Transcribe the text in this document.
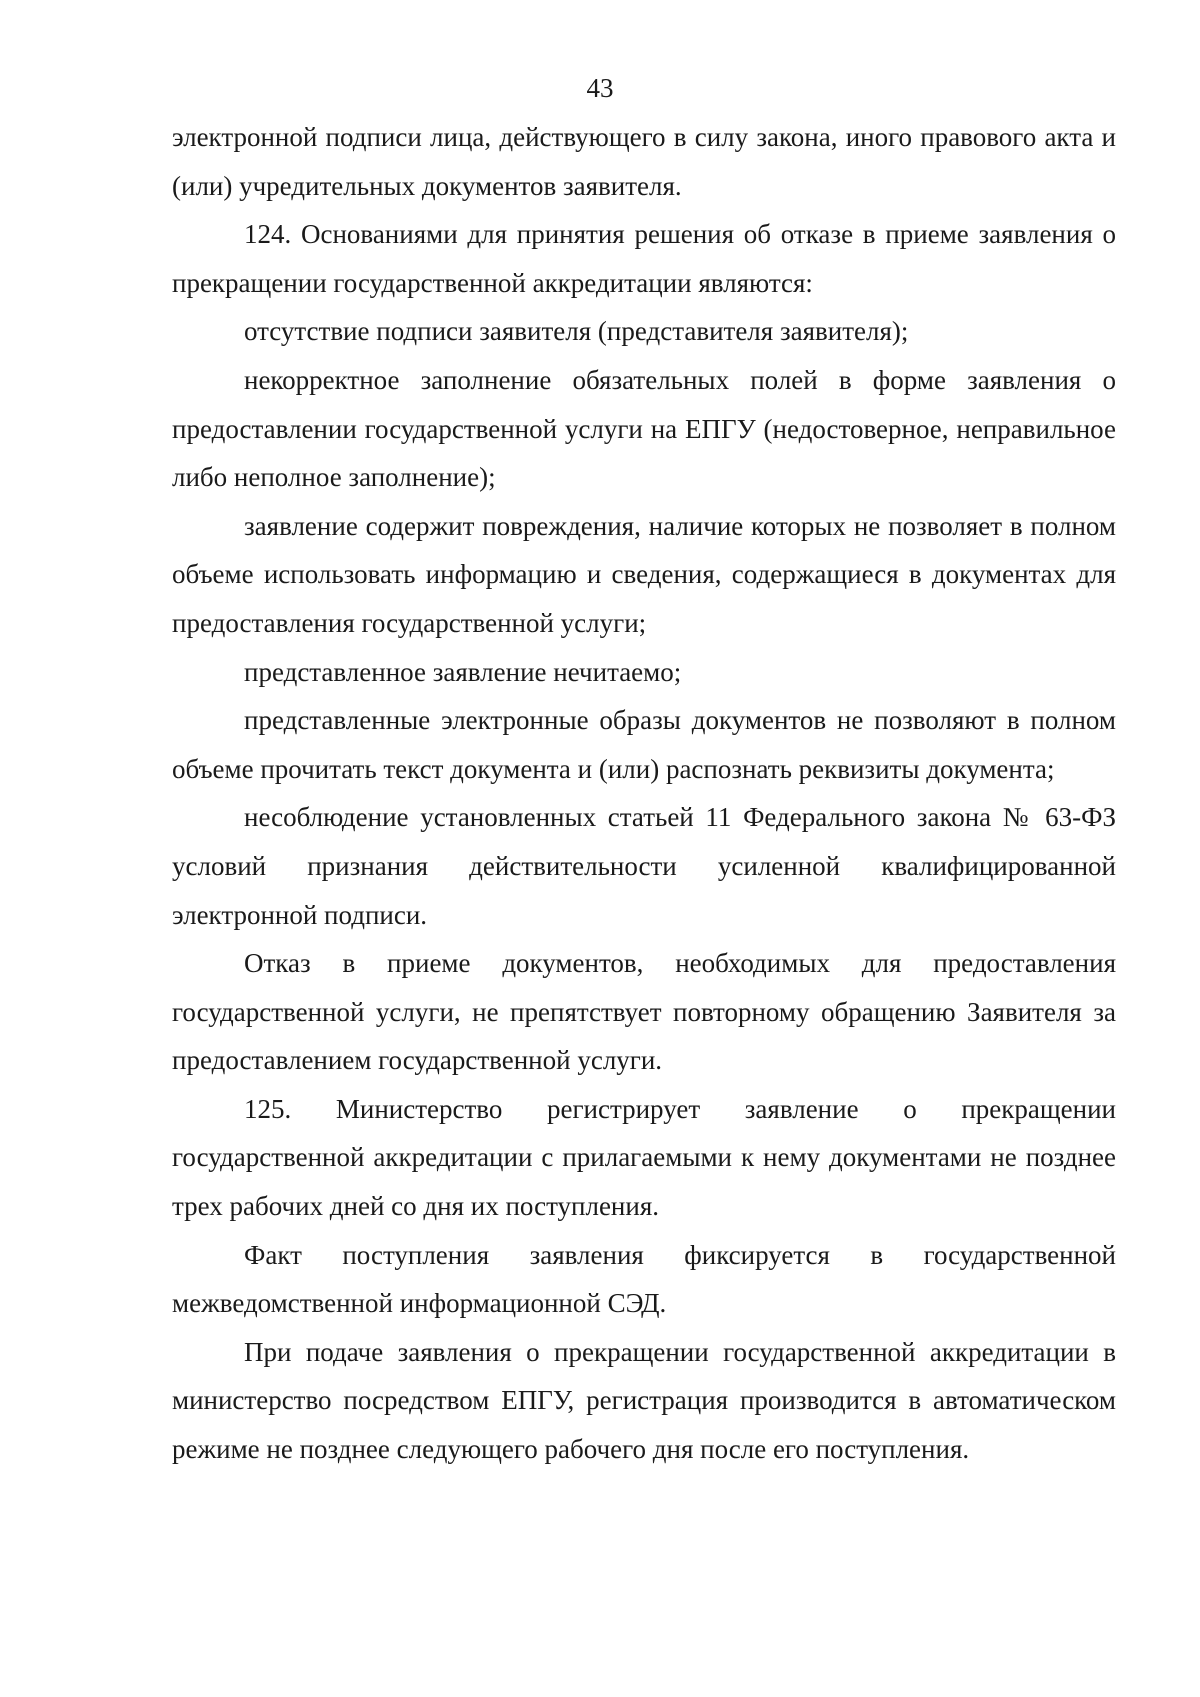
43

электронной подписи лица, действующего в силу закона, иного правового акта и (или) учредительных документов заявителя.

124. Основаниями для принятия решения об отказе в приеме заявления о прекращении государственной аккредитации являются:

отсутствие подписи заявителя (представителя заявителя);

некорректное заполнение обязательных полей в форме заявления о предоставлении государственной услуги на ЕПГУ (недостоверное, неправильное либо неполное заполнение);

заявление содержит повреждения, наличие которых не позволяет в полном объеме использовать информацию и сведения, содержащиеся в документах для предоставления государственной услуги;

представленное заявление нечитаемо;

представленные электронные образы документов не позволяют в полном объеме прочитать текст документа и (или) распознать реквизиты документа;

несоблюдение установленных статьей 11 Федерального закона № 63-ФЗ условий признания действительности усиленной квалифицированной электронной подписи.

Отказ в приеме документов, необходимых для предоставления государственной услуги, не препятствует повторному обращению Заявителя за предоставлением государственной услуги.

125. Министерство регистрирует заявление о прекращении государственной аккредитации с прилагаемыми к нему документами не позднее трех рабочих дней со дня их поступления.

Факт поступления заявления фиксируется в государственной межведомственной информационной СЭД.

При подаче заявления о прекращении государственной аккредитации в министерство посредством ЕПГУ, регистрация производится в автоматическом режиме не позднее следующего рабочего дня после его поступления.
